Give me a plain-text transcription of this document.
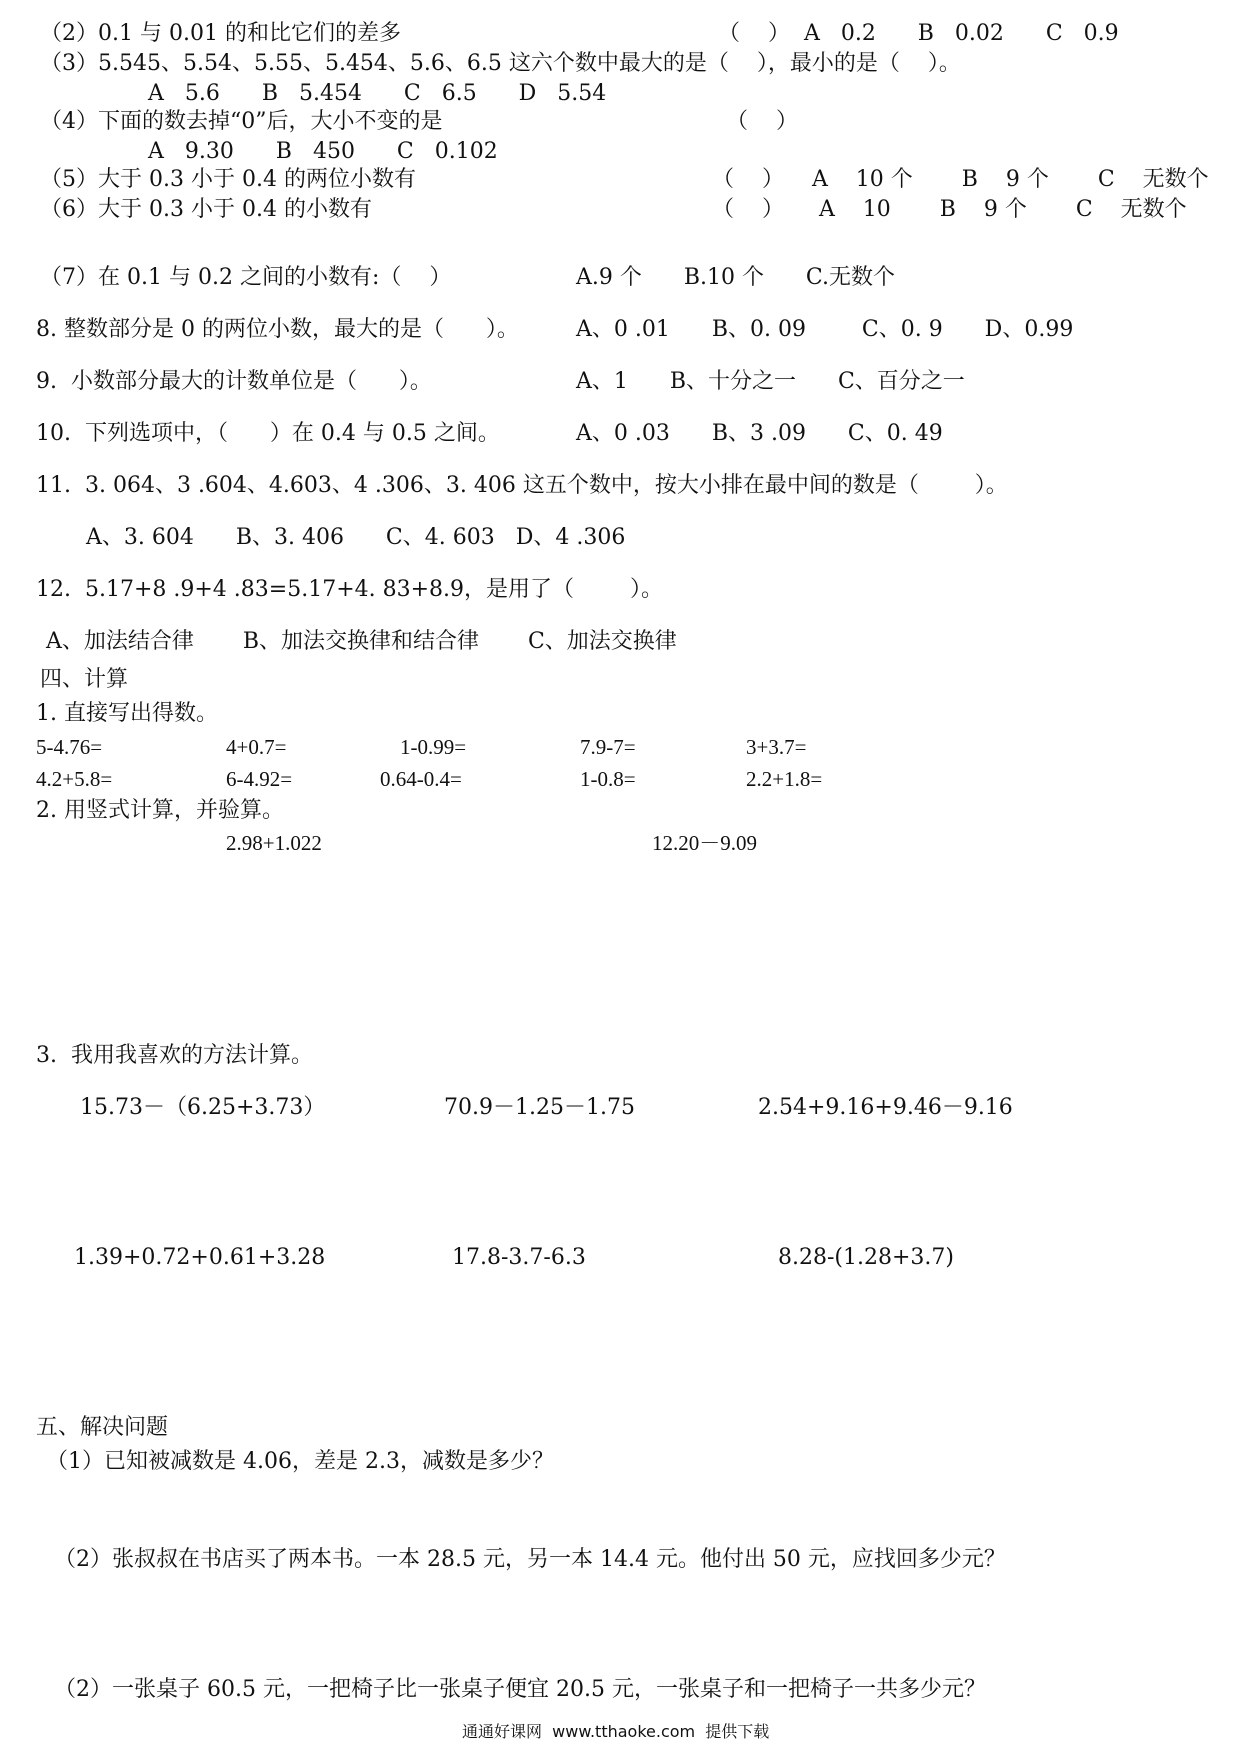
（2）0.1 与 0.01 的和比它们的差多	（    ）  A   0.2      B   0.02      C   0.9
（3）5.545、5.54、5.55、5.454、5.6、6.5 这六个数中最大的是（    ），最小的是（    ）。
A   5.6      B   5.454      C   6.5      D   5.54
（4）下面的数去掉“0”后，大小不变的是	（    ）
A   9.30      B   450      C   0.102
（5）大于 0.3 小于 0.4 的两位小数有	（    ）    A    10 个       B    9 个       C    无数个
（6）大于 0.3 小于 0.4 的小数有	（    ）     A    10       B    9 个       C    无数个
（7）在 0.1 与 0.2 之间的小数有:（    ）	A.9 个      B.10 个      C.无数个
8. 整数部分是 0 的两位小数，最大的是（      ）。	A、0 .01      B、0. 09        C、0. 9      D、0.99
9.  小数部分最大的计数单位是（      ）。	A、1      B、十分之一      C、百分之一
10.  下列选项中，（      ）在 0.4 与 0.5 之间。	A、0 .03      B、3 .09      C、0. 49
11.  3. 064、3 .604、4.603、4 .306、3. 406 这五个数中，按大小排在最中间的数是（        ）。
A、3. 604      B、3. 406      C、4. 603   D、4 .306
12.  5.17+8 .9+4 .83=5.17+4. 83+8.9，是用了（        ）。
A、加法结合律       B、加法交换律和结合律       C、加法交换律
四、计算
1. 直接写出得数。
5-4.76=	4+0.7=	1-0.99=	7.9-7=	3+3.7=
4.2+5.8=	6-4.92=	0.64-0.4=	1-0.8=	2.2+1.8=
2. 用竖式计算，并验算。
2.98+1.022	12.20－9.09
3.  我用我喜欢的方法计算。
15.73－（6.25+3.73）	70.9－1.25－1.75	2.54+9.16+9.46－9.16
1.39+0.72+0.61+3.28	17.8-3.7-6.3	8.28-(1.28+3.7)
五、解决问题
（1）已知被减数是 4.06，差是 2.3，减数是多少？
（2）张叔叔在书店买了两本书。一本 28.5 元，另一本 14.4 元。他付出 50 元，应找回多少元？
（2）一张桌子 60.5 元，一把椅子比一张桌子便宜 20.5 元，一张桌子和一把椅子一共多少元？
通通好课网  www.tthaoke.com  提供下载
